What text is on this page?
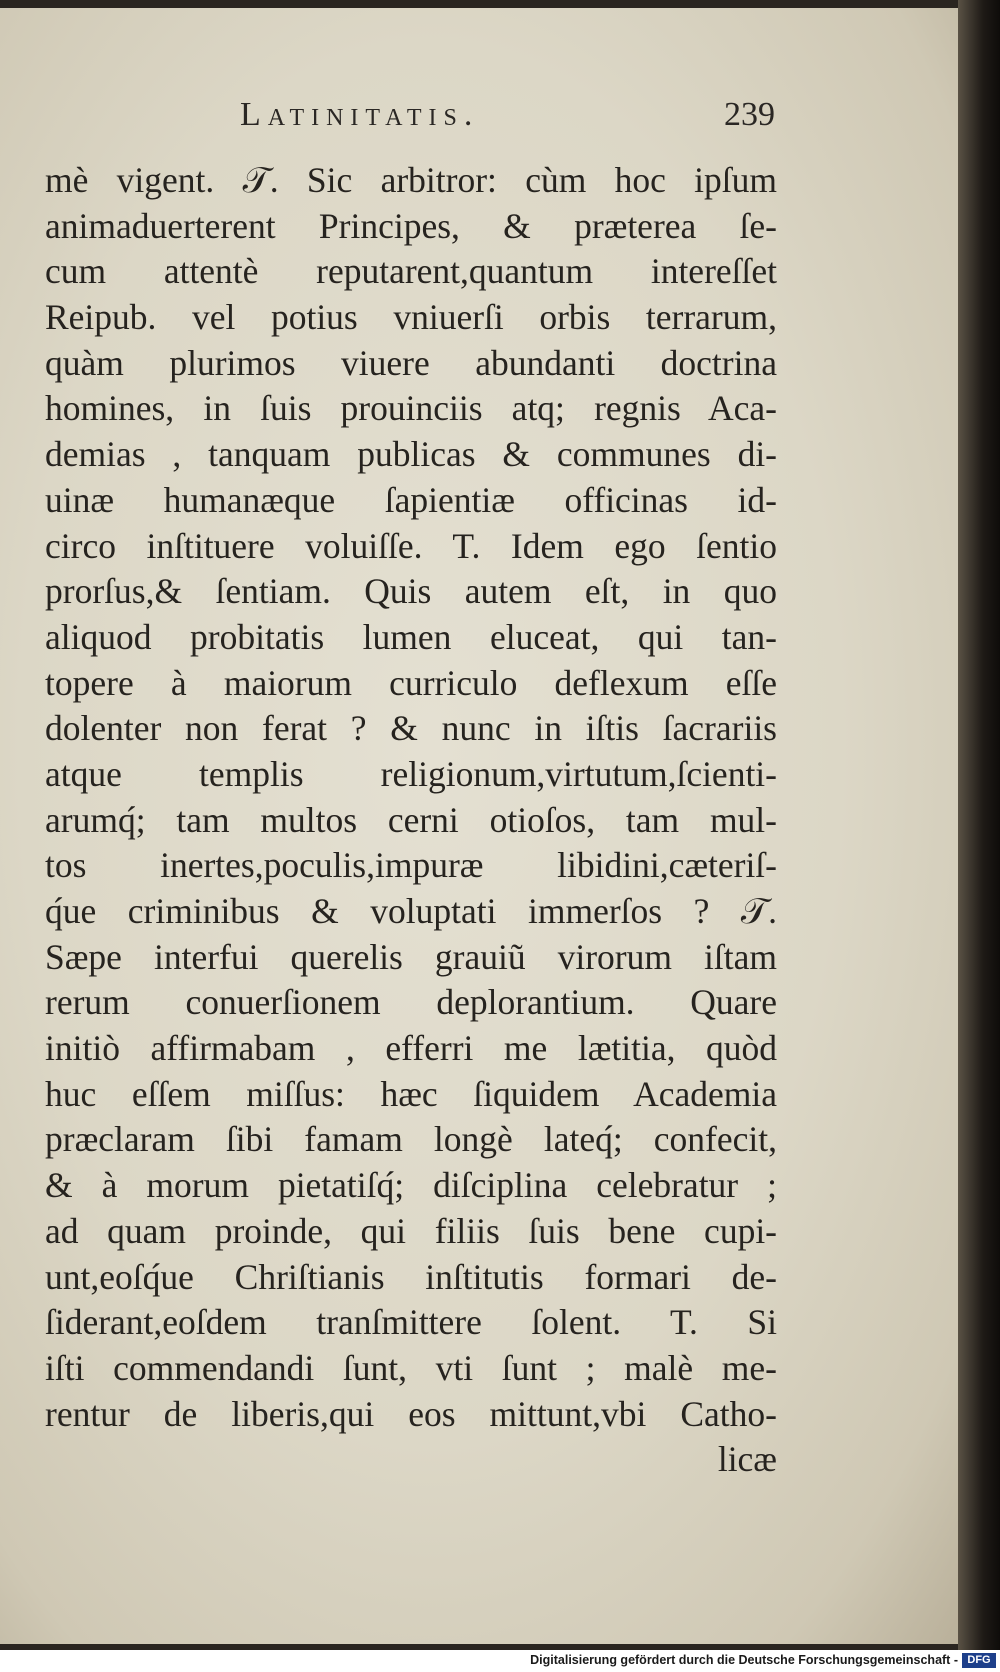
Latinitatis.	239
mè vigent. 𝒯. Sic arbitror: cùm hoc ipſum
animaduerterent Principes, & præterea ſe-
cum attentè reputarent,quantum intereſſet
Reipub. vel potius vniuerſi orbis terrarum,
quàm plurimos viuere abundanti doctrina
homines, in ſuis prouinciis atq; regnis Aca-
demias , tanquam publicas & communes di-
uinæ humanæque ſapientiæ officinas id-
circo inſtituere voluiſſe. T. Idem ego ſentio
prorſus,& ſentiam. Quis autem eſt, in quo
aliquod probitatis lumen eluceat, qui tan-
topere à maiorum curriculo deflexum eſſe
dolenter non ferat ? & nunc in iſtis ſacrariis
atque templis religionum,virtutum,ſcienti-
arumq́; tam multos cerni otioſos, tam mul-
tos inertes,poculis,impuræ libidini,cæteriſ-
q́ue criminibus & voluptati immerſos ? 𝒯.
Sæpe interfui querelis grauiũ virorum iſtam
rerum conuerſionem deplorantium. Quare
initiò affirmabam , efferri me lætitia, quòd
huc eſſem miſſus: hæc ſiquidem Academia
præclaram ſibi famam longè lateq́; confecit,
& à morum pietatiſq́; diſciplina celebratur ;
ad quam proinde, qui filiis ſuis bene cupi-
unt,eoſq́ue Chriſtianis inſtitutis formari de-
ſiderant,eoſdem tranſmittere ſolent. T. Si
iſti commendandi ſunt, vti ſunt ; malè me-
rentur de liberis,qui eos mittunt,vbi Catho-
licæ
Digitalisierung gefördert durch die Deutsche Forschungsgemeinschaft - DFG
